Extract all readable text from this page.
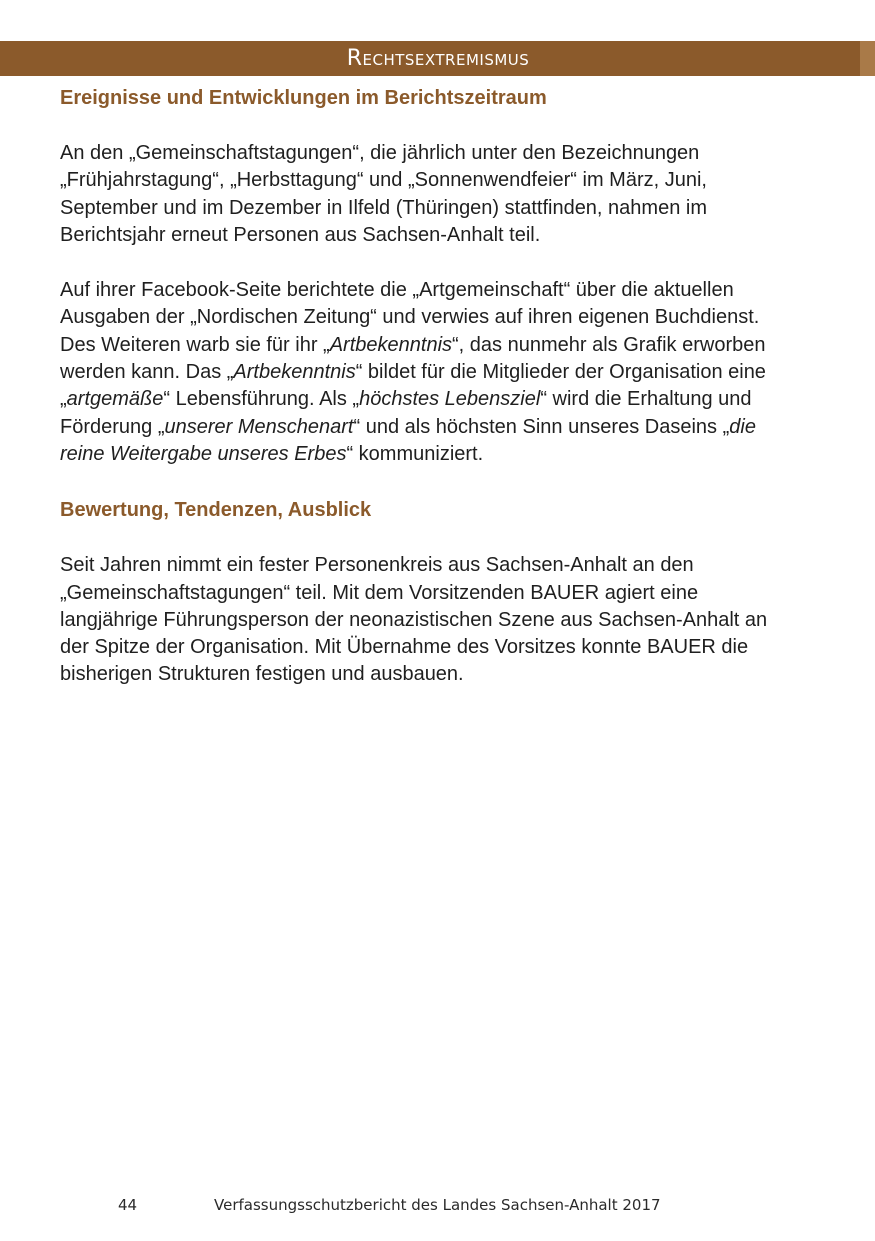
Rechtsextremismus
Ereignisse und Entwicklungen im Berichtszeitraum

An den „Gemeinschaftstagungen“, die jährlich unter den Bezeichnungen „Frühjahrstagung“, „Herbsttagung“ und „Sonnenwendfeier“ im März, Juni, September und im Dezember in Ilfeld (Thüringen) stattfinden, nahmen im Berichtsjahr erneut Personen aus Sachsen-Anhalt teil.

Auf ihrer Facebook-Seite berichtete die „Artgemeinschaft“ über die aktuellen Ausgaben der „Nordischen Zeitung“ und verwies auf ihren eigenen Buchdienst. Des Weiteren warb sie für ihr „Artbekenntnis“, das nunmehr als Grafik erworben werden kann. Das „Artbekenntnis“ bildet für die Mitglieder der Organisation eine „artgemäße“ Lebensführung. Als „höchstes Lebensziel“ wird die Erhaltung und Förderung „unserer Menschenart“ und als höchsten Sinn unseres Daseins „die reine Weitergabe unseres Erbes“ kommuniziert.

Bewertung, Tendenzen, Ausblick

Seit Jahren nimmt ein fester Personenkreis aus Sachsen-Anhalt an den „Gemeinschaftstagungen“ teil. Mit dem Vorsitzenden BAUER agiert eine langjährige Führungsperson der neonazistischen Szene aus Sachsen-Anhalt an der Spitze der Organisation. Mit Übernahme des Vorsitzes konnte BAUER die bisherigen Strukturen festigen und ausbauen.

44	Verfassungsschutzbericht des Landes Sachsen-Anhalt 2017
